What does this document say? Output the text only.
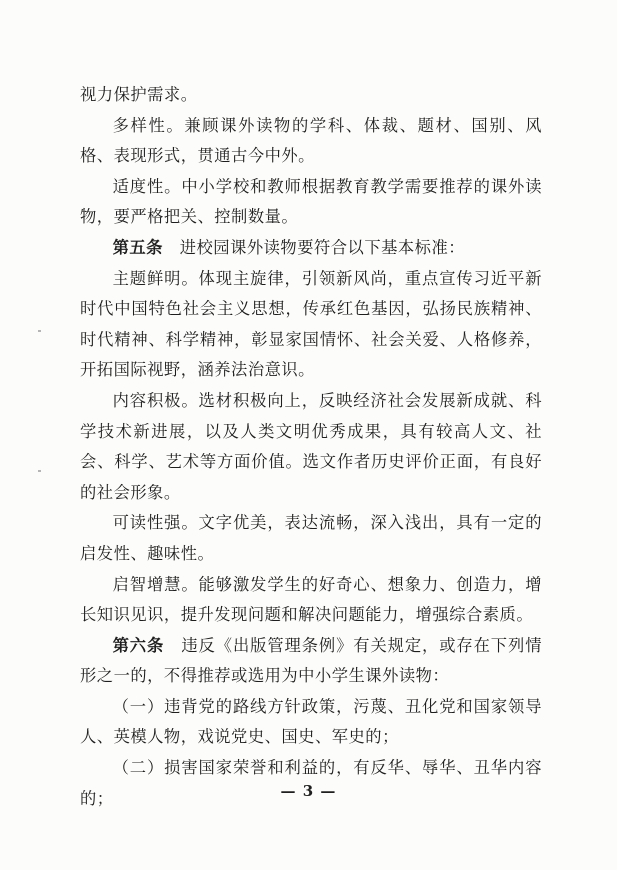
视力保护需求。

多样性。兼顾课外读物的学科、体裁、题材、国别、风格、表现形式，贯通古今中外。

适度性。中小学校和教师根据教育教学需要推荐的课外读物，要严格把关、控制数量。

第五条　进校园课外读物要符合以下基本标准：

主题鲜明。体现主旋律，引领新风尚，重点宣传习近平新时代中国特色社会主义思想，传承红色基因，弘扬民族精神、时代精神、科学精神，彰显家国情怀、社会关爱、人格修养，开拓国际视野，涵养法治意识。

内容积极。选材积极向上，反映经济社会发展新成就、科学技术新进展，以及人类文明优秀成果，具有较高人文、社会、科学、艺术等方面价值。选文作者历史评价正面，有良好的社会形象。

可读性强。文字优美，表达流畅，深入浅出，具有一定的启发性、趣味性。

启智增慧。能够激发学生的好奇心、想象力、创造力，增长知识见识，提升发现问题和解决问题能力，增强综合素质。

第六条　违反《出版管理条例》有关规定，或存在下列情形之一的，不得推荐或选用为中小学生课外读物：

（一）违背党的路线方针政策，污蔑、丑化党和国家领导人、英模人物，戏说党史、国史、军史的；

（二）损害国家荣誉和利益的，有反华、辱华、丑华内容的；	— 3 —
